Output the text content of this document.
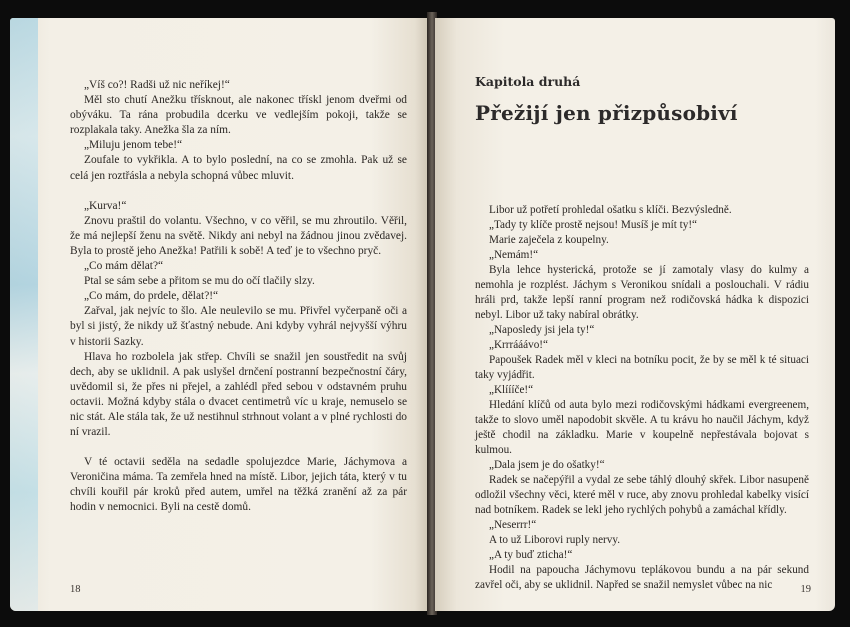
„Víš co?! Radši už nic neříkej!“

Měl sto chutí Anežku třísknout, ale nakonec třískl jenom dveřmi od obýváku. Ta rána probudila dcerku ve vedlejším pokoji, takže se rozplakala taky. Anežka šla za ním.

„Miluju jenom tebe!“

Zoufale to vykřikla. A to bylo poslední, na co se zmohla. Pak už se celá jen roztřásla a nebyla schopná vůbec mluvit.

„Kurva!“

Znovu praštil do volantu. Všechno, v co věřil, se mu zhroutilo. Věřil, že má nejlepší ženu na světě. Nikdy ani nebyl na žádnou jinou zvědavej. Byla to prostě jeho Anežka! Patřili k sobě! A teď je to všechno pryč.

„Co mám dělat?“

Ptal se sám sebe a přitom se mu do očí tlačily slzy.

„Co mám, do prdele, dělat?!“

Zařval, jak nejvíc to šlo. Ale neulevilo se mu. Přivřel vyčerpaně oči a byl si jistý, že nikdy už šťastný nebude. Ani kdyby vyhrál nejvyšší výhru v historii Sazky.

Hlava ho rozbolela jak střep. Chvíli se snažil jen soustředit na svůj dech, aby se uklidnil. A pak uslyšel drnčení postranní bezpečnostní čáry, uvědomil si, že přes ni přejel, a zahlédl před sebou v odstavném pruhu octavii. Možná kdyby stála o dvacet centimetrů víc u kraje, nemuselo se nic stát. Ale stála tak, že už nestihnul strhnout volant a v plné rychlosti do ní vrazil.

V té octavii seděla na sedadle spolujezdce Marie, Jáchymova a Veroničina máma. Ta zemřela hned na místě. Libor, jejich táta, který v tu chvíli kouřil pár kroků před autem, umřel na těžká zranění až za pár hodin v nemocnici. Byli na cestě domů.

18
Kapitola druhá
Přežijí jen přizpůsobiví

Libor už potřetí prohledal ošatku s klíči. Bezvýsledně.

„Tady ty klíče prostě nejsou! Musíš je mít ty!“

Marie zaječela z koupelny.

„Nemám!“

Byla lehce hysterická, protože se jí zamotaly vlasy do kulmy a nemohla je rozplést. Jáchym s Veronikou snídali a poslouchali. V rádiu hráli prd, takže lepší ranní program než rodičovská hádka k dispozici nebyl. Libor už taky nabíral obrátky.

„Naposledy jsi jela ty!“

„Krrrááávo!“

Papoušek Radek měl v kleci na botníku pocit, že by se měl k té situaci taky vyjádřit.

„Klíííče!“

Hledání klíčů od auta bylo mezi rodičovskými hádkami evergreenem, takže to slovo uměl napodobit skvěle. A tu krávu ho naučil Jáchym, když ještě chodil na základku. Marie v koupelně nepřestávala bojovat s kulmou.

„Dala jsem je do ošatky!“

Radek se načepýřil a vydal ze sebe táhlý dlouhý skřek. Libor nasupeně odložil všechny věci, které měl v ruce, aby znovu prohledal kabelky visící nad botníkem. Radek se lekl jeho rychlých pohybů a zamáchal křídly.

„Neserrr!“

A to už Liborovi ruply nervy.

„A ty buď zticha!“

Hodil na papoucha Jáchymovu teplákovou bundu a na pár sekund zavřel oči, aby se uklidnil. Napřed se snažil nemyslet vůbec na nic	19
